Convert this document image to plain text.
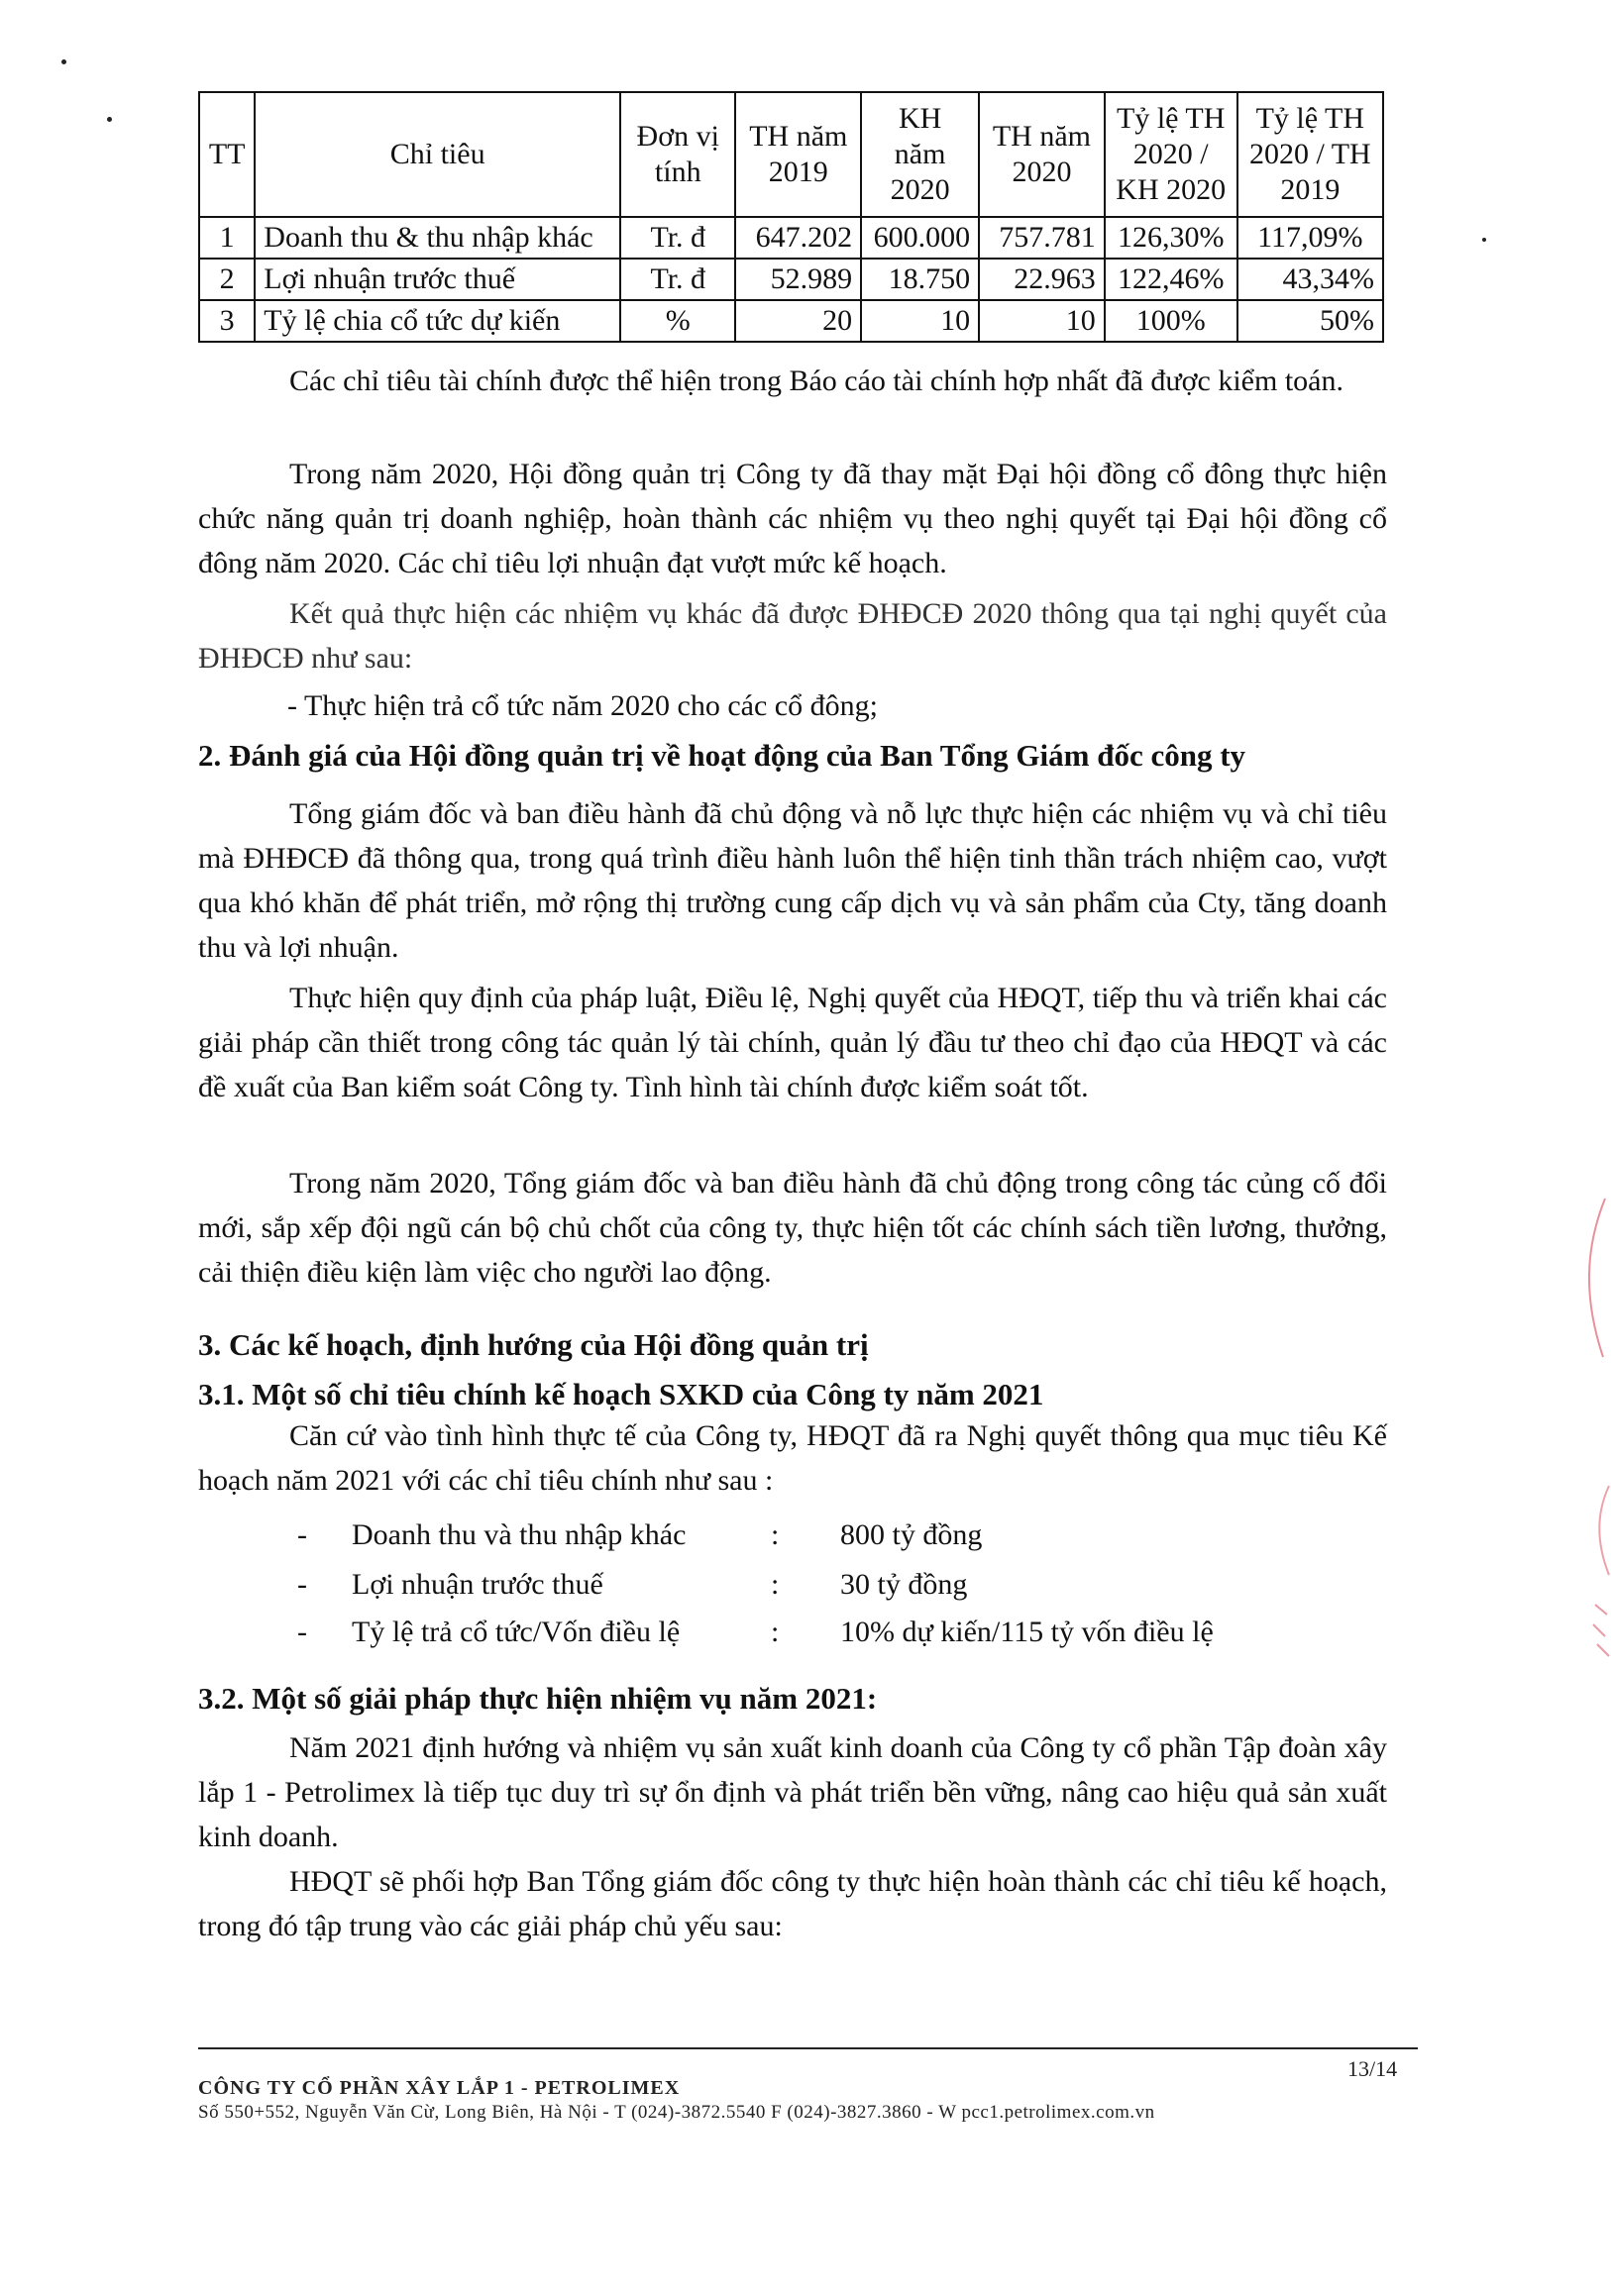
TT	Chỉ tiêu	Đơn vị tính	TH năm 2019	KH năm 2020	TH năm 2020	Tỷ lệ TH 2020 / KH 2020	Tỷ lệ TH 2020 / TH 2019
1	Doanh thu & thu nhập khác	Tr. đ	647.202	600.000	757.781	126,30%	117,09%
2	Lợi nhuận trước thuế	Tr. đ	52.989	18.750	22.963	122,46%	43,34%
3	Tỷ lệ chia cổ tức dự kiến	%	20	10	10	100%	50%

Các chỉ tiêu tài chính được thể hiện trong Báo cáo tài chính hợp nhất đã được kiểm toán.

Trong năm 2020, Hội đồng quản trị Công ty đã thay mặt Đại hội đồng cổ đông thực hiện chức năng quản trị doanh nghiệp, hoàn thành các nhiệm vụ theo nghị quyết tại Đại hội đồng cổ đông năm 2020. Các chỉ tiêu lợi nhuận đạt vượt mức kế hoạch.

Kết quả thực hiện các nhiệm vụ khác đã được ĐHĐCĐ 2020 thông qua tại nghị quyết của ĐHĐCĐ như sau:

- Thực hiện trả cổ tức năm 2020 cho các cổ đông;

2. Đánh giá của Hội đồng quản trị về hoạt động của Ban Tổng Giám đốc công ty

Tổng giám đốc và ban điều hành đã chủ động và nỗ lực thực hiện các nhiệm vụ và chỉ tiêu mà ĐHĐCĐ đã thông qua, trong quá trình điều hành luôn thể hiện tinh thần trách nhiệm cao, vượt qua khó khăn để phát triển, mở rộng thị trường cung cấp dịch vụ và sản phẩm của Cty, tăng doanh thu và lợi nhuận.

Thực hiện quy định của pháp luật, Điều lệ, Nghị quyết của HĐQT, tiếp thu và triển khai các giải pháp cần thiết trong công tác quản lý tài chính, quản lý đầu tư theo chỉ đạo của HĐQT và các đề xuất của Ban kiểm soát Công ty. Tình hình tài chính được kiểm soát tốt.

Trong năm 2020, Tổng giám đốc và ban điều hành đã chủ động trong công tác củng cố đổi mới, sắp xếp đội ngũ cán bộ chủ chốt của công ty, thực hiện tốt các chính sách tiền lương, thưởng, cải thiện điều kiện làm việc cho người lao động.

3. Các kế hoạch, định hướng của Hội đồng quản trị
3.1. Một số chỉ tiêu chính kế hoạch SXKD của Công ty năm 2021

Căn cứ vào tình hình thực tế của Công ty, HĐQT đã ra Nghị quyết thông qua mục tiêu Kế hoạch năm 2021 với các chỉ tiêu chính như sau :

- Doanh thu và thu nhập khác	: 800 tỷ đồng
- Lợi nhuận trước thuế	: 30 tỷ đồng
- Tỷ lệ trả cổ tức/Vốn điều lệ	: 10% dự kiến/115 tỷ vốn điều lệ
3.2. Một số giải pháp thực hiện nhiệm vụ năm 2021:

Năm 2021 định hướng và nhiệm vụ sản xuất kinh doanh của Công ty cổ phần Tập đoàn xây lắp 1 - Petrolimex là tiếp tục duy trì sự ổn định và phát triển bền vững, nâng cao hiệu quả sản xuất kinh doanh.

HĐQT sẽ phối hợp Ban Tổng giám đốc công ty thực hiện hoàn thành các chỉ tiêu kế hoạch, trong đó tập trung vào các giải pháp chủ yếu sau:

13/14
CÔNG TY CỔ PHẦN XÂY LẮP 1 - PETROLIMEX
Số 550+552, Nguyễn Văn Cừ, Long Biên, Hà Nội - T (024)-3872.5540 F (024)-3827.3860 - W pcc1.petrolimex.com.vn
